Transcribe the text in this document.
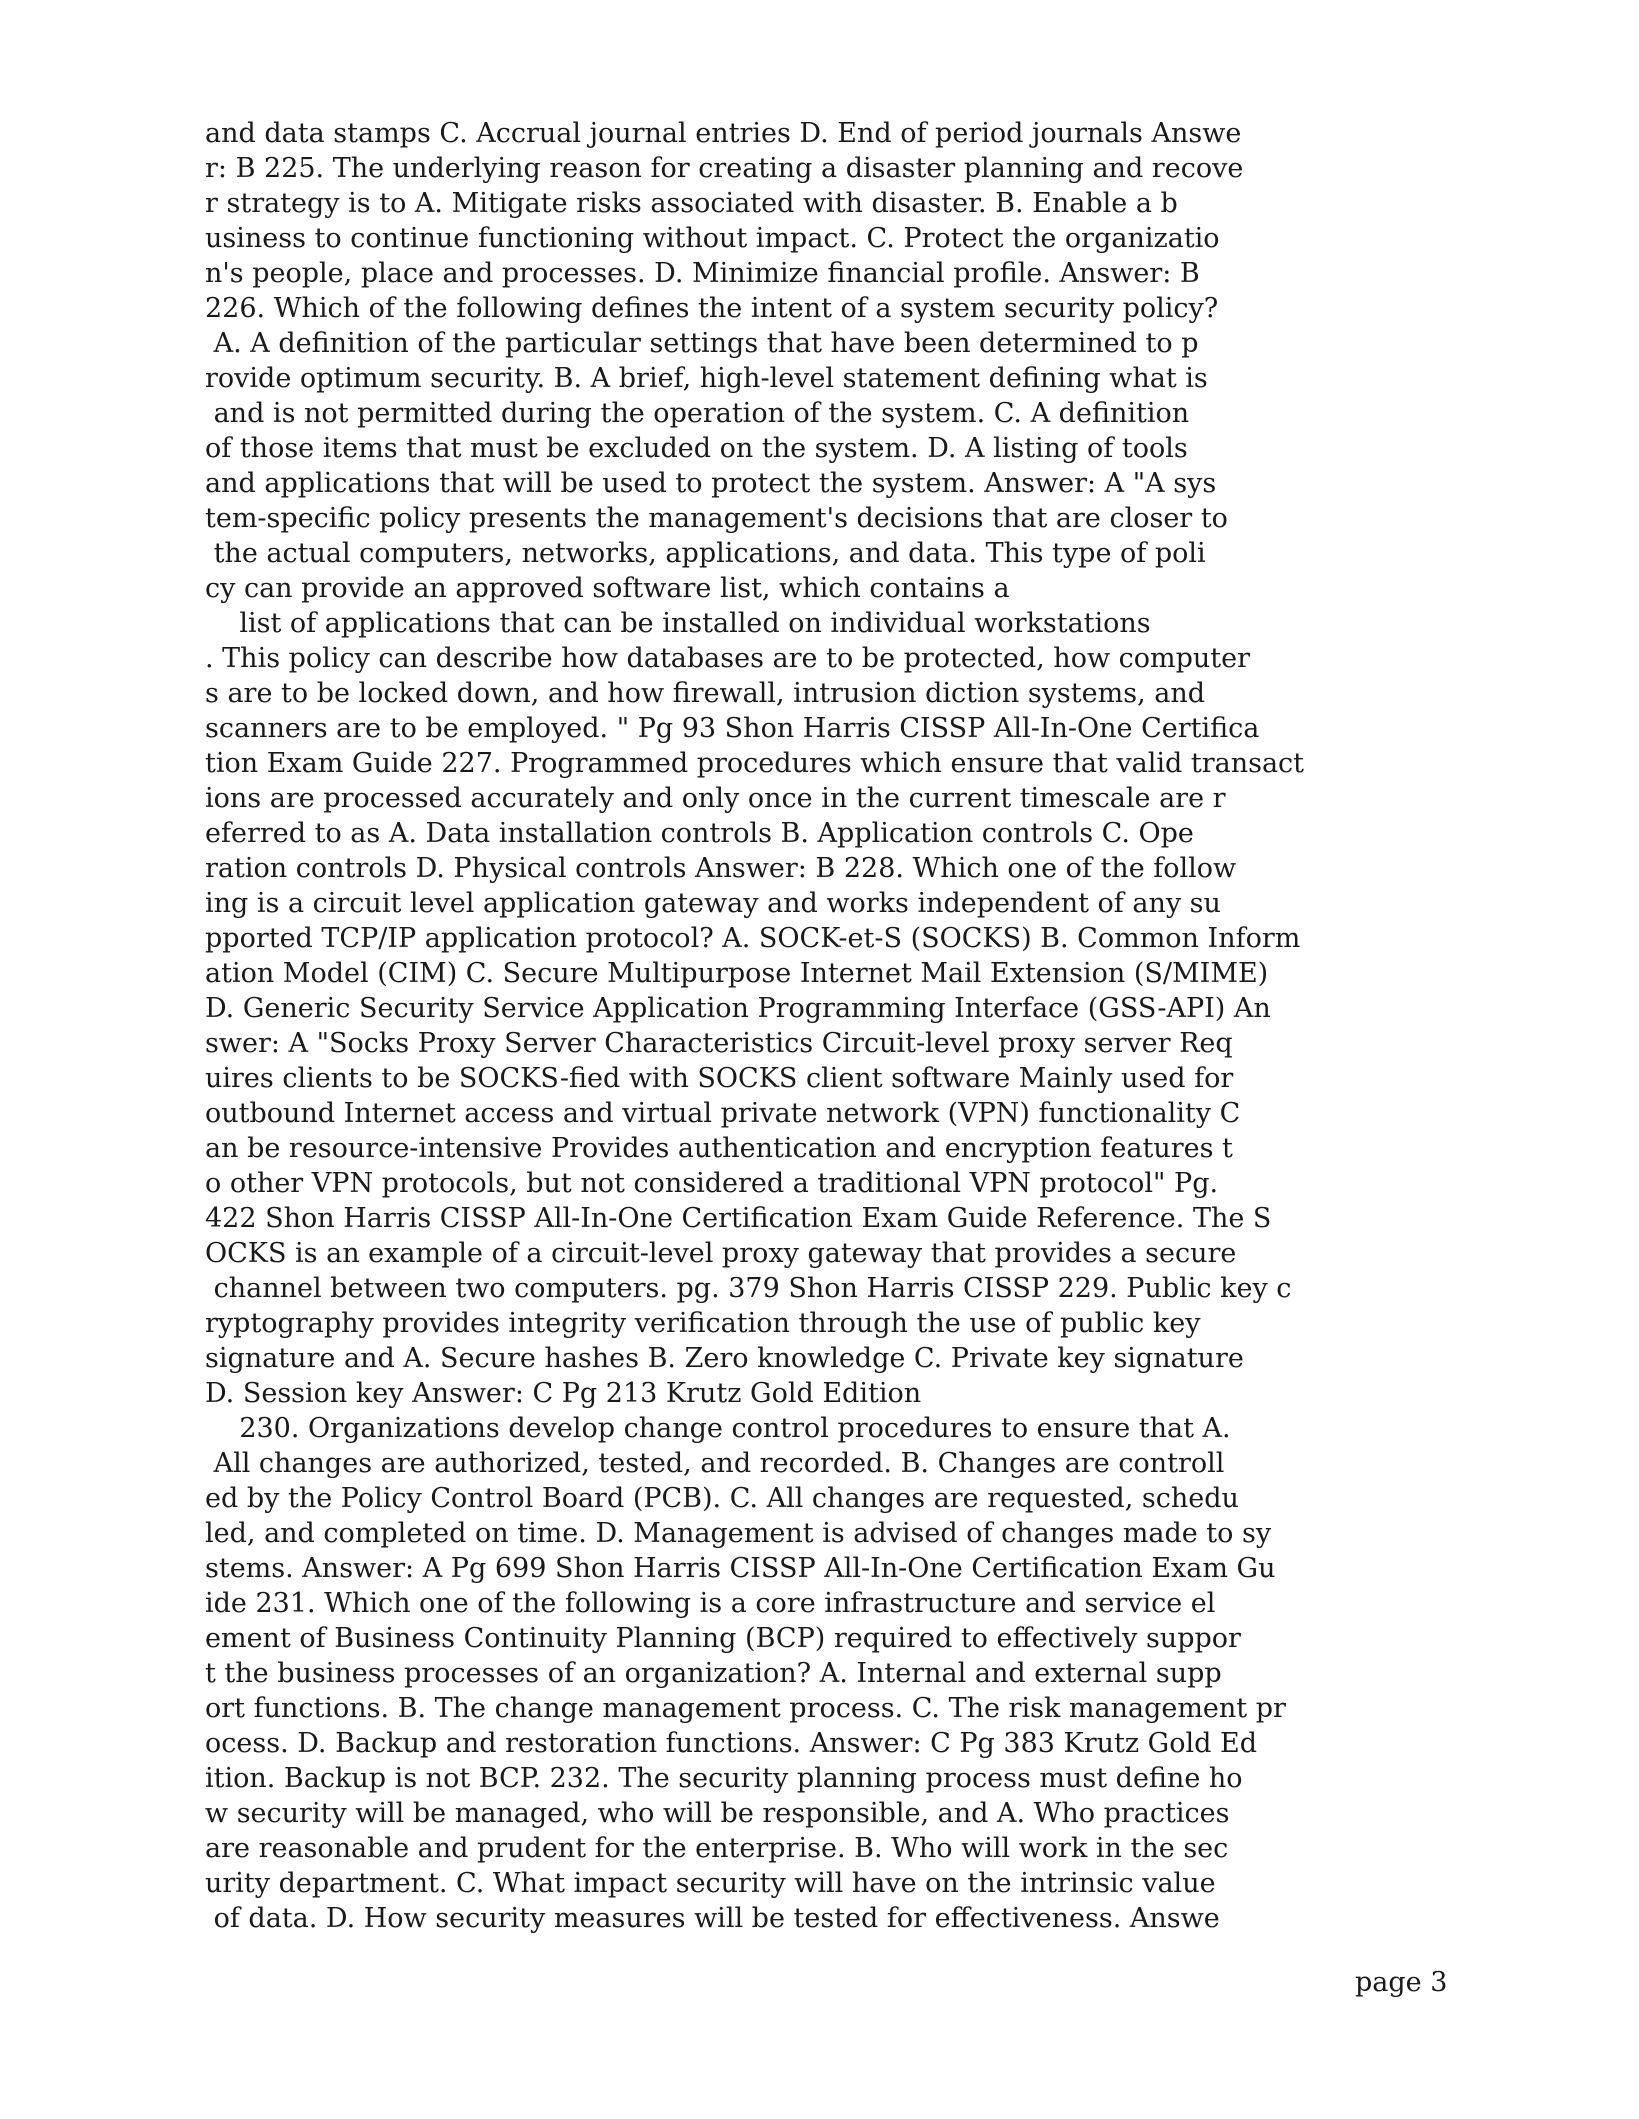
and data stamps C. Accrual journal entries D. End of period journals Answe
r: B 225. The underlying reason for creating a disaster planning and recove
r strategy is to A. Mitigate risks associated with disaster. B. Enable a b
usiness to continue functioning without impact. C. Protect the organizatio
n's people, place and processes. D. Minimize financial profile. Answer: B
226. Which of the following defines the intent of a system security policy?
A. A definition of the particular settings that have been determined to p
rovide optimum security. B. A brief, high-level statement defining what is
and is not permitted during the operation of the system. C. A definition
of those items that must be excluded on the system. D. A listing of tools
and applications that will be used to protect the system. Answer: A "A sys
tem-specific policy presents the management's decisions that are closer to
the actual computers, networks, applications, and data. This type of poli
cy can provide an approved software list, which contains a
list of applications that can be installed on individual workstations
. This policy can describe how databases are to be protected, how computer
s are to be locked down, and how firewall, intrusion diction systems, and
scanners are to be employed. " Pg 93 Shon Harris CISSP All-In-One Certifica
tion Exam Guide 227. Programmed procedures which ensure that valid transact
ions are processed accurately and only once in the current timescale are r
eferred to as A. Data installation controls B. Application controls C. Ope
ration controls D. Physical controls Answer: B 228. Which one of the follow
ing is a circuit level application gateway and works independent of any su
pported TCP/IP application protocol? A. SOCK-et-S (SOCKS) B. Common Inform
ation Model (CIM) C. Secure Multipurpose Internet Mail Extension (S/MIME)
D. Generic Security Service Application Programming Interface (GSS-API) An
swer: A "Socks Proxy Server Characteristics Circuit-level proxy server Req
uires clients to be SOCKS-fied with SOCKS client software Mainly used for
outbound Internet access and virtual private network (VPN) functionality C
an be resource-intensive Provides authentication and encryption features t
o other VPN protocols, but not considered a traditional VPN protocol" Pg.
422 Shon Harris CISSP All-In-One Certification Exam Guide Reference. The S
OCKS is an example of a circuit-level proxy gateway that provides a secure
channel between two computers. pg. 379 Shon Harris CISSP 229. Public key c
ryptography provides integrity verification through the use of public key
signature and A. Secure hashes B. Zero knowledge C. Private key signature
D. Session key Answer: C Pg 213 Krutz Gold Edition
230. Organizations develop change control procedures to ensure that A.
All changes are authorized, tested, and recorded. B. Changes are controll
ed by the Policy Control Board (PCB). C. All changes are requested, schedu
led, and completed on time. D. Management is advised of changes made to sy
stems. Answer: A Pg 699 Shon Harris CISSP All-In-One Certification Exam Gu
ide 231. Which one of the following is a core infrastructure and service el
ement of Business Continuity Planning (BCP) required to effectively suppor
t the business processes of an organization? A. Internal and external supp
ort functions. B. The change management process. C. The risk management pr
ocess. D. Backup and restoration functions. Answer: C Pg 383 Krutz Gold Ed
ition. Backup is not BCP. 232. The security planning process must define ho
w security will be managed, who will be responsible, and A. Who practices
are reasonable and prudent for the enterprise. B. Who will work in the sec
urity department. C. What impact security will have on the intrinsic value
of data. D. How security measures will be tested for effectiveness. Answe
page 3
